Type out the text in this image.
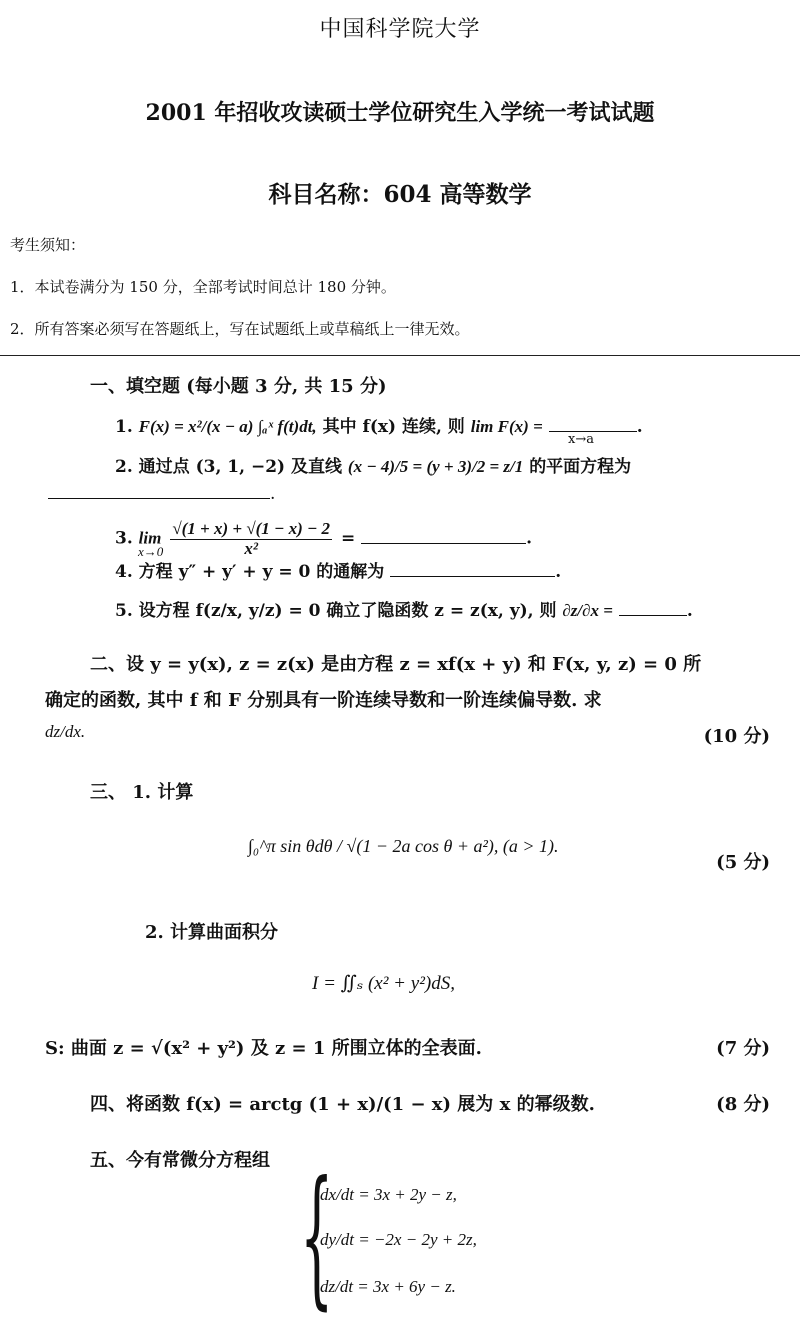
中国科学院大学
2001 年招收攻读硕士学位研究生入学统一考试试题
科目名称：604 高等数学
考生须知：
1．本试卷满分为 150 分，全部考试时间总计 180 分钟。
2．所有答案必须写在答题纸上，写在试题纸上或草稿纸上一律无效。
一、填空题 (每小题 3 分, 共 15 分)
1. F(x) = x²/(x − a) ∫ₐˣ f(t)dt, 其中 f(x) 连续, 则 lim F(x) =	.
x→a
2. 通过点 (3, 1, −2) 及直线 (x − 4)/5 = (y + 3)/2 = z/1 的平面方程为
.
3. $\lim \frac{√(1 + x) + √(1 - x) - 2}{\text{x²}}$ =	.
x→0
4. 方程 y″ + y′ + y = 0 的通解为	.
5. 设方程 f(z/x, y/z) = 0 确立了隐函数 z = z(x, y), 则 ∂z/∂x =	.
二、设 y = y(x), z = z(x) 是由方程 z = xf(x + y) 和 F(x, y, z) = 0 所
确定的函数, 其中 f 和 F 分别具有一阶连续导数和一阶连续偏导数. 求
dz/dx.	(10 分)
三、 1. 计算
∫₀^π sin θdθ / √(1 − 2a cos θ + a²), (a > 1).
(5 分)
2. 计算曲面积分
I = ∬ₛ (x² + y²)dS,
S: 曲面 z = √(x² + y²) 及 z = 1 所围立体的全表面.	(7 分)
四、将函数 f(x) = arctg (1 + x)/(1 − x) 展为 x 的幂级数.	(8 分)
五、今有常微分方程组 {
dx/dt = 3x + 2y − z,
dy/dt = −2x − 2y + 2z,
dz/dt = 3x + 6y − z.
